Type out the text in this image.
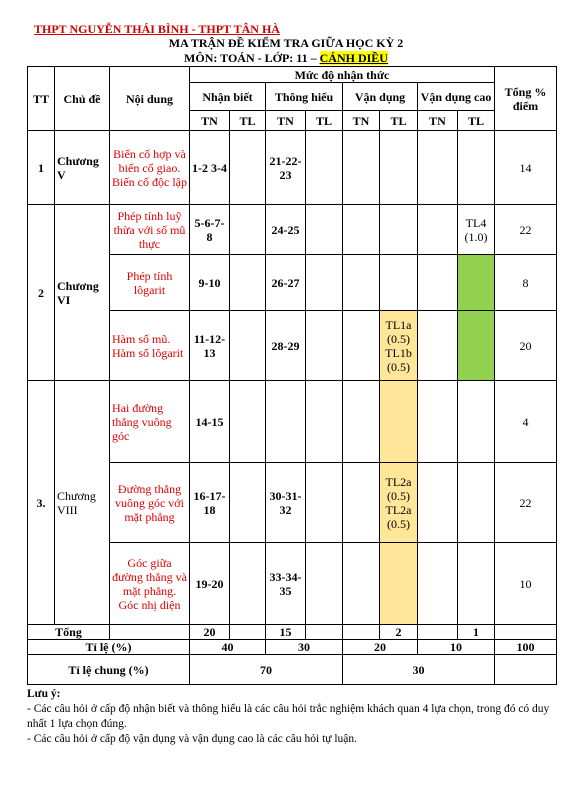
THPT NGUYỄN THÁI BÌNH - THPT TÂN HÀ
MA TRẬN ĐỀ KIỂM TRA GIỮA HỌC KỲ 2
MÔN: TOÁN - LỚP: 11 – CÁNH DIỀU
TT	Chủ đề	Nội dung	Mức độ nhận thức								Tổng % điểm
			Nhận biết		Thông hiểu		Vận dụng		Vận dụng cao		
			TN	TL	TN	TL	TN	TL	TN	TL	
1	Chương V	Biến cố hợp và biến cố giao. Biến cố độc lập	1-2 3-4		21-22-23						14
2	Chương VI	Phép tính luỹ thừa với số mũ thực	5-6-7-8		24-25					TL4 (1.0)	22
		Phép tính lôgarit	9-10		26-27						8
		Hàm số mũ. Hàm số lôgarit	11-12-13		28-29			TL1a (0.5) TL1b (0.5)			20
3.	Chương VIII	Hai đường thẳng vuông góc	14-15								4
		Đường thẳng vuông góc với mặt phẳng	16-17-18		30-31-32			TL2a (0.5) TL2a (0.5)			22
		Góc giữa đường thẳng và mặt phẳng. Góc nhị diện	19-20		33-34-35						10
Tổng			20		15			2		1	
Tỉ lệ (%)			40		30		20		10		100
Tỉ lệ chung (%)			70				30				
Lưu ý:
- Các câu hỏi ở cấp độ nhận biết và thông hiểu là các câu hỏi trắc nghiệm khách quan 4 lựa chọn, trong đó có duy nhất 1 lựa chọn đúng.
- Các câu hỏi ở cấp độ vận dụng và vận dụng cao là các câu hỏi tự luận.
